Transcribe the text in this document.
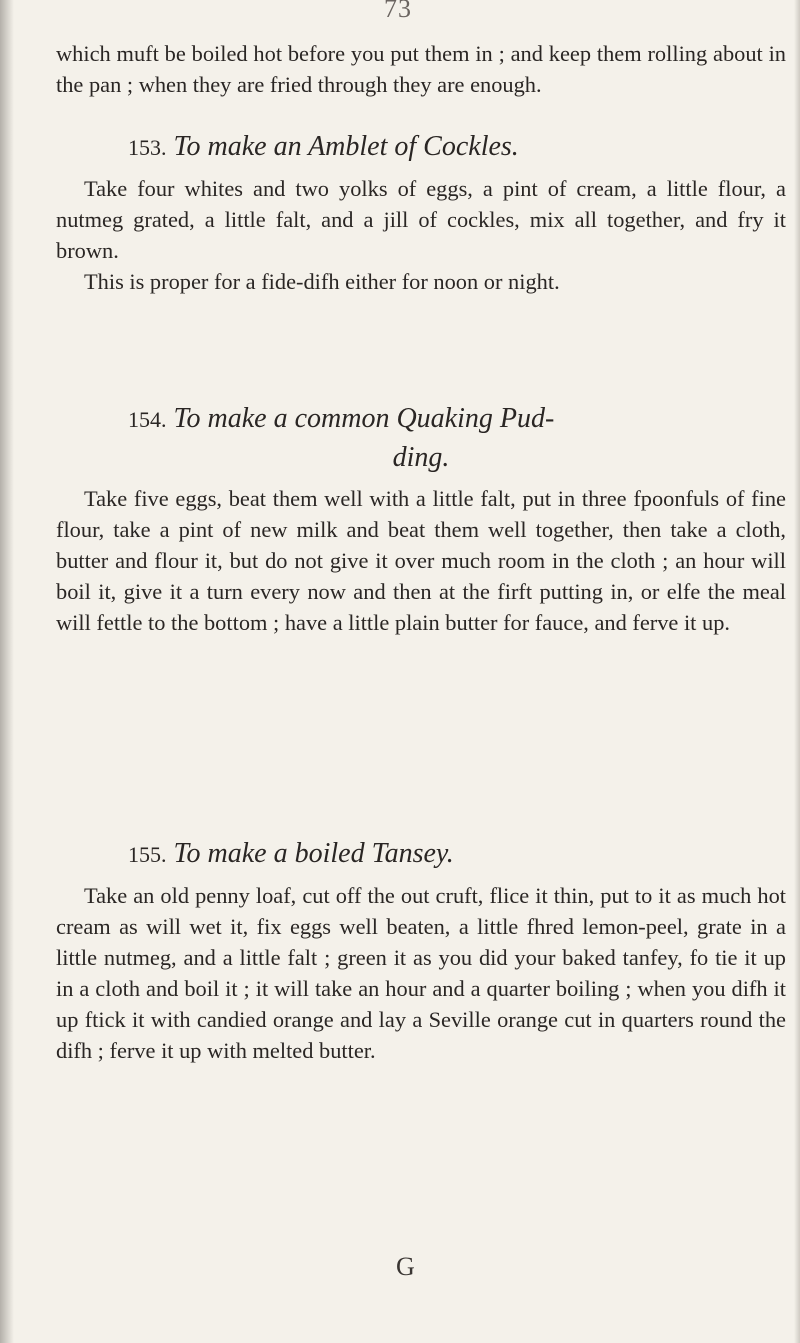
73

which muft be boiled hot before you put them in ; and keep them rolling about in the pan ; when they are fried through they are enough.

153. To make an Amblet of Cockles.

Take four whites and two yolks of eggs, a pint of cream, a little flour, a nutmeg grated, a little falt, and a jill of cockles, mix all together, and fry it brown.

This is proper for a fide-difh either for noon or night.

154. To make a common Quaking Pud-

ding.

Take five eggs, beat them well with a little falt, put in three fpoonfuls of fine flour, take a pint of new milk and beat them well together, then take a cloth, butter and flour it, but do not give it over much room in the cloth ; an hour will boil it, give it a turn every now and then at the firft putting in, or elfe the meal will fettle to the bottom ; have a little plain butter for fauce, and ferve it up.

155. To make a boiled Tansey.

Take an old penny loaf, cut off the out cruft, flice it thin, put to it as much hot cream as will wet it, fix eggs well beaten, a little fhred lemon-peel, grate in a little nutmeg, and a little falt ; green it as you did your baked tanfey, fo tie it up in a cloth and boil it ; it will take an hour and a quarter boiling ; when you difh it up ftick it with candied orange and lay a Seville orange cut in quarters round the difh ; ferve it up with melted butter.

G
